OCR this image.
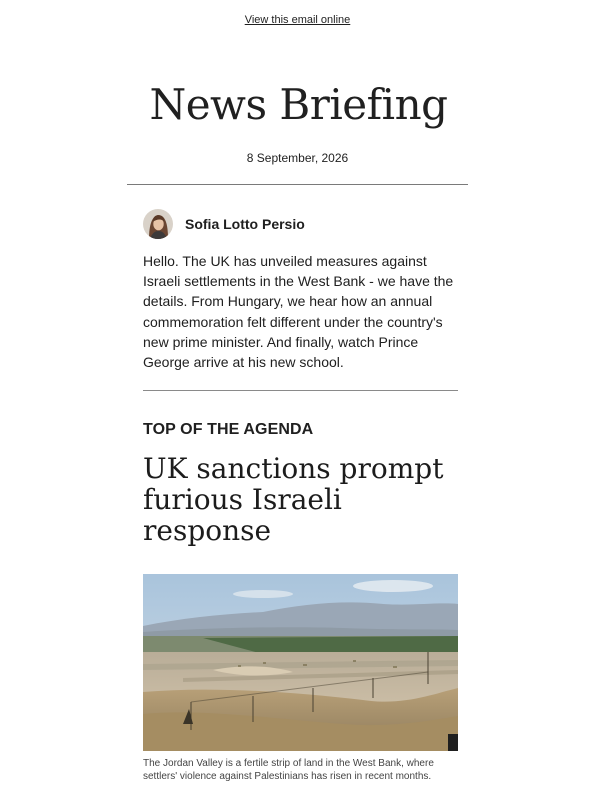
View this email online
News Briefing
8 September, 2026
Sofia Lotto Persio

Hello. The UK has unveiled measures against Israeli settlements in the West Bank - we have the details. From Hungary, we hear how an annual commemoration felt different under the country's new prime minister. And finally, watch Prince George arrive at his new school.

TOP OF THE AGENDA
UK sanctions prompt furious Israeli response

The Jordan Valley is a fertile strip of land in the West Bank, where settlers' violence against Palestinians has risen in recent months.
